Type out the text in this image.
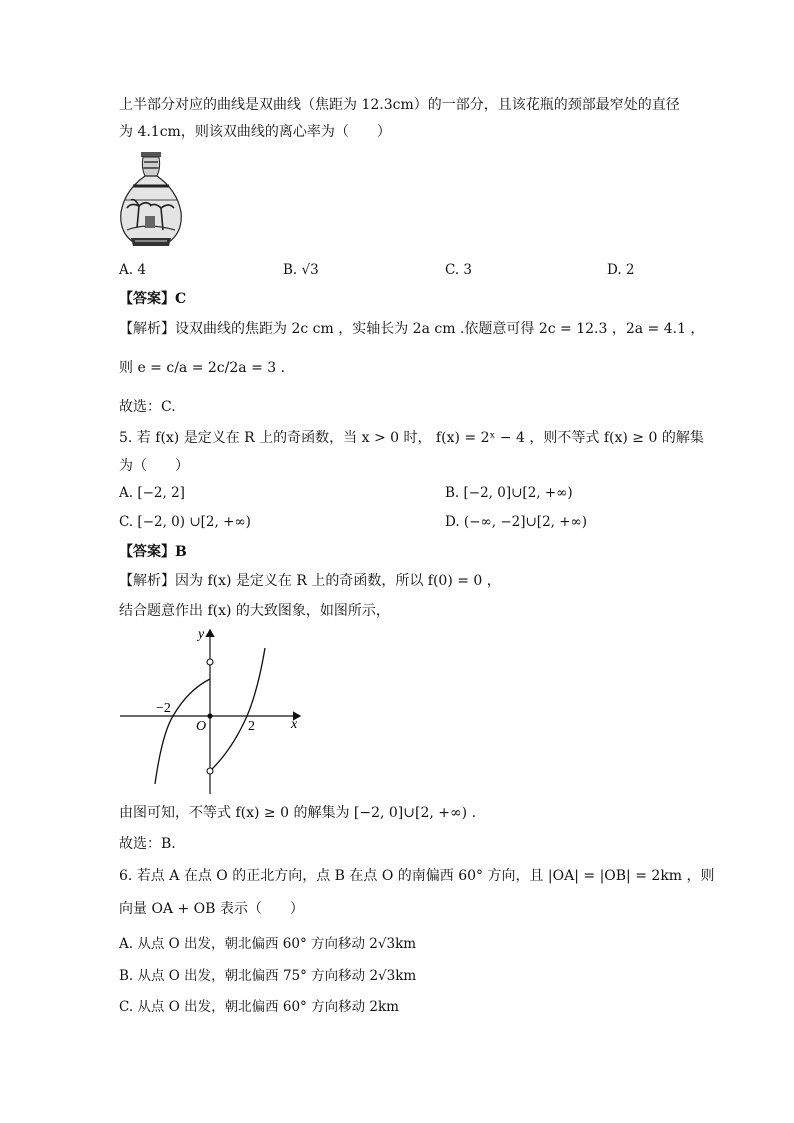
上半部分对应的曲线是双曲线（焦距为 12.3cm）的一部分，且该花瓶的颈部最窄处的直径
为 4.1cm，则该双曲线的离心率为（　　）
A. 4	B. √3	C. 3	D. 2
【答案】C
【解析】设双曲线的焦距为 2c cm ，实轴长为 2a cm .依题意可得 2c = 12.3 ，2a = 4.1 ，
则 e = c/a = 2c/2a = 3 .
故选：C.
5. 若 f(x) 是定义在 R 上的奇函数，当 x > 0 时， f(x) = 2ˣ − 4 ，则不等式 f(x) ≥ 0 的解集
为（　　）
A. [−2, 2]	B. [−2, 0]∪[2, +∞)
C. [−2, 0) ∪[2, +∞)	D. (−∞, −2]∪[2, +∞)
【答案】B
【解析】因为 f(x) 是定义在 R 上的奇函数，所以 f(0) = 0 ，
结合题意作出 f(x) 的大致图象，如图所示，
y
x
O
−2
2
由图可知，不等式 f(x) ≥ 0 的解集为 [−2, 0]∪[2, +∞) .
故选：B.
6. 若点 A 在点 O 的正北方向，点 B 在点 O 的南偏西 60° 方向，且 |OA| = |OB| = 2km ，则
向量 OA + OB 表示（　　）
A. 从点 O 出发，朝北偏西 60° 方向移动 2√3km
B. 从点 O 出发，朝北偏西 75° 方向移动 2√3km
C. 从点 O 出发，朝北偏西 60° 方向移动 2km
